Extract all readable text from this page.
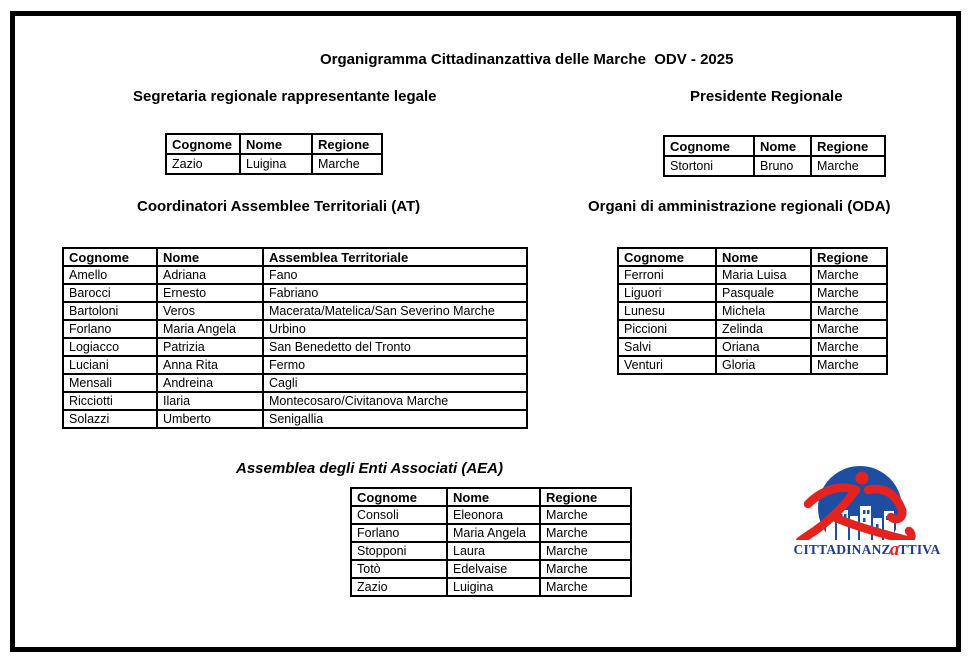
Organigramma Cittadinanzattiva delle Marche  ODV - 2025
Segretaria regionale rappresentante legale
Cognome	Nome	Regione
Zazio	Luigina	Marche
Presidente Regionale
Cognome	Nome	Regione
Stortoni	Bruno	Marche
Coordinatori Assemblee Territoriali (AT)
Cognome	Nome	Assemblea Territoriale
Amello	Adriana	Fano
Barocci	Ernesto	Fabriano
Bartoloni	Veros	Macerata/Matelica/San Severino Marche
Forlano	Maria Angela	Urbino
Logiacco	Patrizia	San Benedetto del Tronto
Luciani	Anna Rita	Fermo
Mensali	Andreina	Cagli
Ricciotti	Ilaria	Montecosaro/Civitanova Marche
Solazzi	Umberto	Senigallia
Organi di amministrazione regionali (ODA)
Cognome	Nome	Regione
Ferroni	Maria Luisa	Marche
Liguori	Pasquale	Marche
Lunesu	Michela	Marche
Piccioni	Zelinda	Marche
Salvi	Oriana	Marche
Venturi	Gloria	Marche
Assemblea degli Enti Associati (AEA)
Cognome	Nome	Regione
Consoli	Eleonora	Marche
Forlano	Maria Angela	Marche
Stopponi	Laura	Marche
Totò	Edelvaise	Marche
Zazio	Luigina	Marche
CITTADINANZaTTIVA
